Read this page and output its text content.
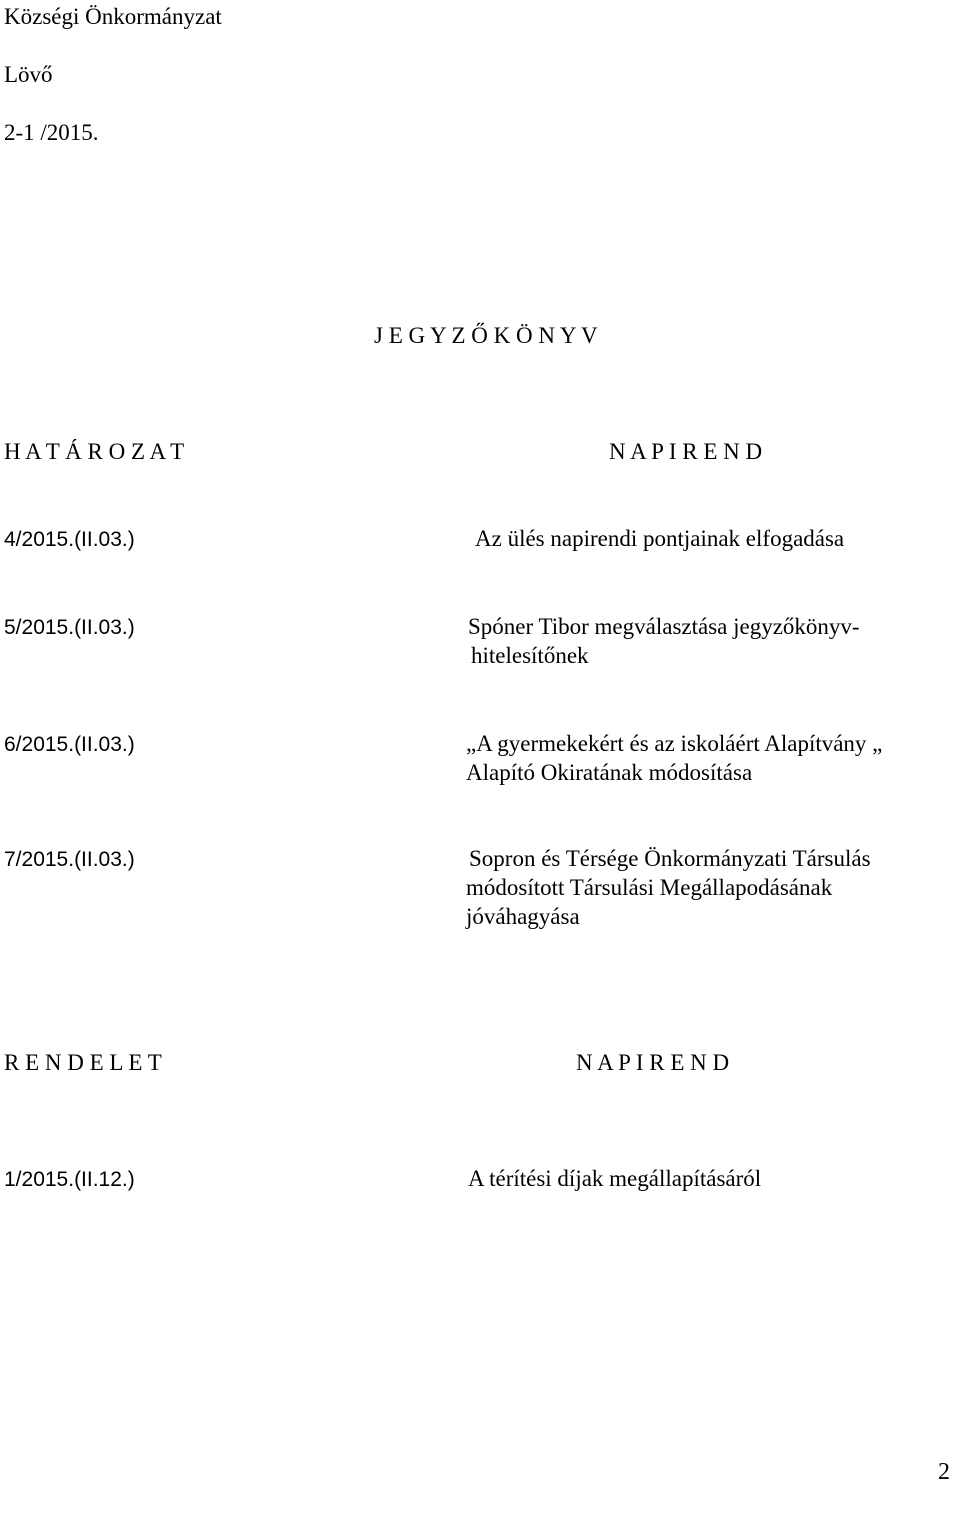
Községi Önkormányzat
Lövő
2-1 /2015.
J E G Y Z Ő K Ö N Y V
H A T Á R O Z A T	N A P I R E N D
4/2015.(II.03.)	Az ülés napirendi pontjainak elfogadása
5/2015.(II.03.)	Spóner Tibor megválasztása jegyzőkönyv-
hitelesítőnek
6/2015.(II.03.)	„A gyermekekért és az iskoláért Alapítvány „
Alapító Okiratának módosítása
7/2015.(II.03.)	Sopron és Térsége Önkormányzati Társulás
módosított Társulási Megállapodásának
jóváhagyása
R E N D E L E T	N A P I R E N D
1/2015.(II.12.)	A térítési díjak megállapításáról
2
